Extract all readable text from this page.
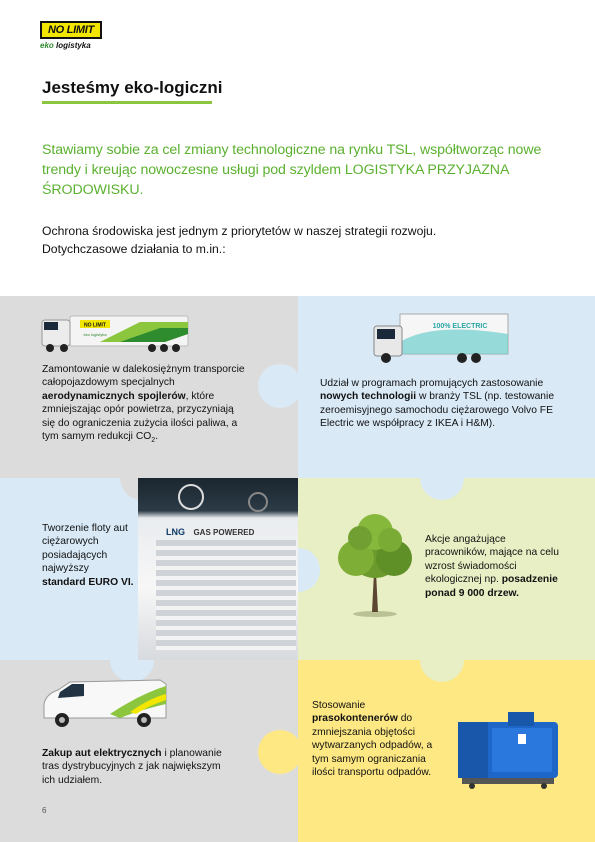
NO LIMIT
eko logistyka
Jesteśmy eko-logiczni

Stawiamy sobie za cel zmiany technologiczne na rynku TSL, współtworząc nowe trendy i kreując nowoczesne usługi pod szyldem LOGISTYKA PRZYJAZNA ŚRODOWISKU.

Ochrona środowiska jest jednym z priorytetów w naszej strategii rozwoju.
Dotychczasowe działania to m.in.:

NO LIMIT
eko logistyka

Zamontowanie w dalekosiężnym transporcie całopojazdowym specjalnych aerodynamicznych spojlerów, które zmniejszając opór powietrza, przyczyniają się do ograniczenia zużycia ilości paliwa, a tym samym redukcji $CO_2$.

100% ELECTRIC

Udział w programach promujących zastosowanie nowych technologii w branży TSL (np. testowanie zeroemisyjnego samochodu ciężarowego Volvo FE Electric we współpracy z IKEA i H&M).

LNG GAS POWERED

Tworzenie floty aut ciężarowych posiadających najwyższy standard EURO VI.

Akcje angażujące pracowników, mające na celu wzrost świadomości ekologicznej np. posadzenie ponad 9 000 drzew.

Zakup aut elektrycznych i planowanie tras dystrybucyjnych z jak największym ich udziałem.

Stosowanie prasokontenerów do zmniejszania objętości wytwarzanych odpadów, a tym samym ograniczania ilości transportu odpadów.

6
